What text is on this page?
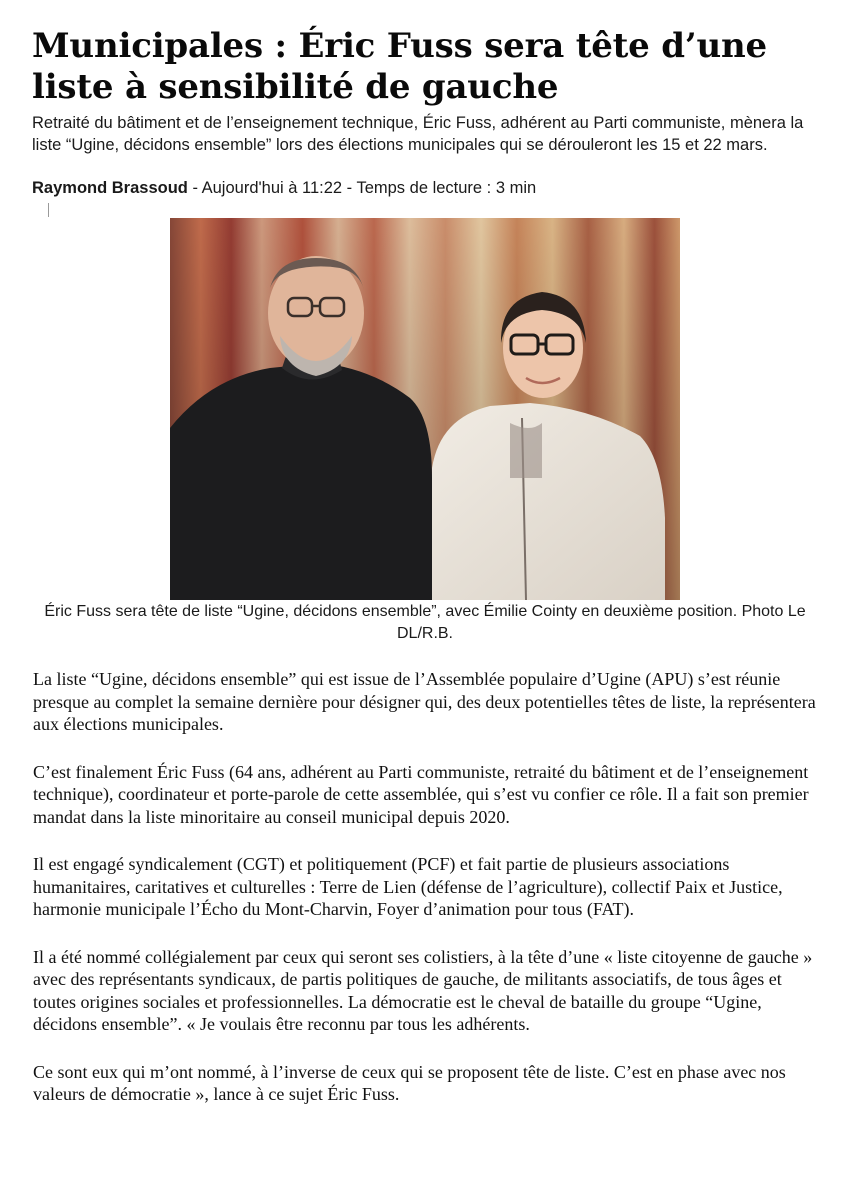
Municipales : Éric Fuss sera tête d’une liste à sensibilité de gauche

Retraité du bâtiment et de l’enseignement technique, Éric Fuss, adhérent au Parti communiste, mènera la liste “Ugine, décidons ensemble” lors des élections municipales qui se dérouleront les 15 et 22 mars.

Raymond Brassoud - Aujourd'hui à 11:22 - Temps de lecture : 3 min

Éric Fuss sera tête de liste “Ugine, décidons ensemble”, avec Émilie Cointy en deuxième position. Photo Le DL/R.B.

La liste “Ugine, décidons ensemble” qui est issue de l’Assemblée populaire d’Ugine (APU) s’est réunie presque au complet la semaine dernière pour désigner qui, des deux potentielles têtes de liste, la représentera aux élections municipales.

C’est finalement Éric Fuss (64 ans, adhérent au Parti communiste, retraité du bâtiment et de l’enseignement technique), coordinateur et porte-parole de cette assemblée, qui s’est vu confier ce rôle. Il a fait son premier mandat dans la liste minoritaire au conseil municipal depuis 2020.

Il est engagé syndicalement (CGT) et politiquement (PCF) et fait partie de plusieurs associations humanitaires, caritatives et culturelles : Terre de Lien (défense de l’agriculture), collectif Paix et Justice, harmonie municipale l’Écho du Mont-Charvin, Foyer d’animation pour tous (FAT).

Il a été nommé collégialement par ceux qui seront ses colistiers, à la tête d’une « liste citoyenne de gauche » avec des représentants syndicaux, de partis politiques de gauche, de militants associatifs, de tous âges et toutes origines sociales et professionnelles. La démocratie est le cheval de bataille du groupe “Ugine, décidons ensemble”. « Je voulais être reconnu par tous les adhérents.

Ce sont eux qui m’ont nommé, à l’inverse de ceux qui se proposent tête de liste. C’est en phase avec nos valeurs de démocratie », lance à ce sujet Éric Fuss.
